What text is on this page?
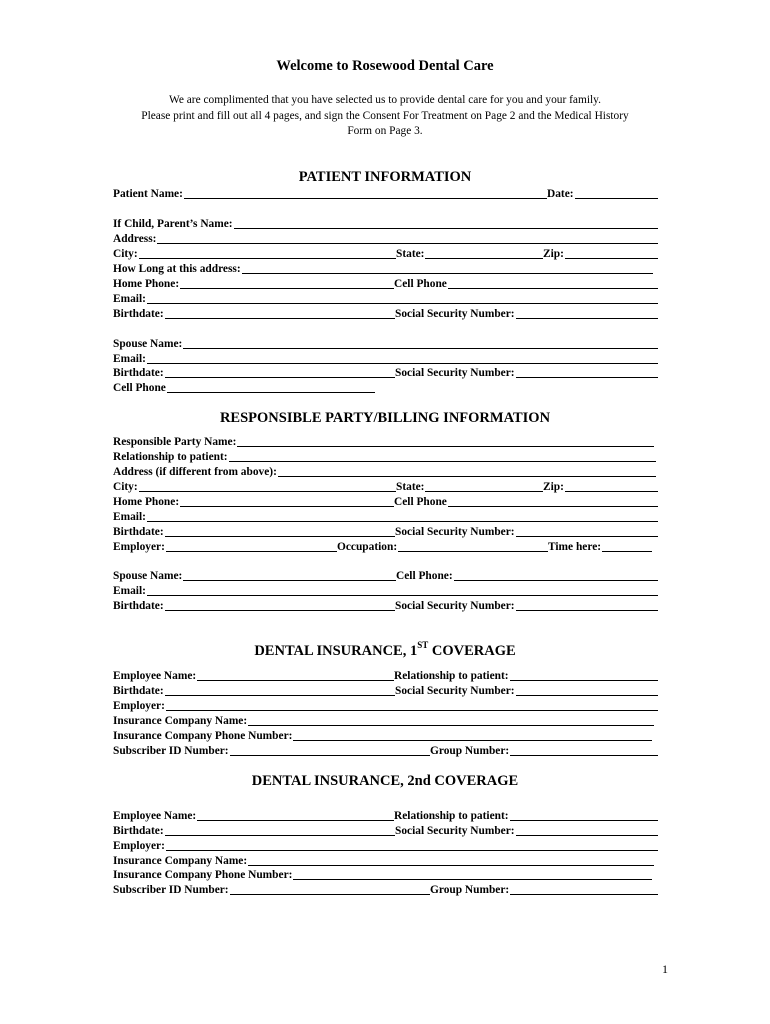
Welcome to Rosewood Dental Care
We are complimented that you have selected us to provide dental care for you and your family.
Please print and fill out all 4 pages, and sign the Consent For Treatment on Page 2 and the Medical History
Form on Page 3.
PATIENT INFORMATION
Patient Name:	Date:
If Child, Parent’s Name:
Address:
City:	State:	Zip:
How Long at this address:
Home Phone:	Cell Phone
Email:
Birthdate:	Social Security Number:
Spouse Name:
Email:
Birthdate:	Social Security Number:
Cell Phone
RESPONSIBLE PARTY/BILLING INFORMATION
Responsible Party Name:
Relationship to patient:
Address (if different from above):
City:	State:	Zip:
Home Phone:	Cell Phone
Email:
Birthdate:	Social Security Number:
Employer:	Occupation:	Time here:
Spouse Name:	Cell Phone:
Email:
Birthdate:	Social Security Number:
DENTAL INSURANCE, 1ST COVERAGE
Employee Name:	Relationship to patient:
Birthdate:	Social Security Number:
Employer:
Insurance Company Name:
Insurance Company Phone Number:
Subscriber ID Number:	Group Number:
DENTAL INSURANCE, 2nd COVERAGE
Employee Name:	Relationship to patient:
Birthdate:	Social Security Number:
Employer:
Insurance Company Name:
Insurance Company Phone Number:
Subscriber ID Number:	Group Number:
1
